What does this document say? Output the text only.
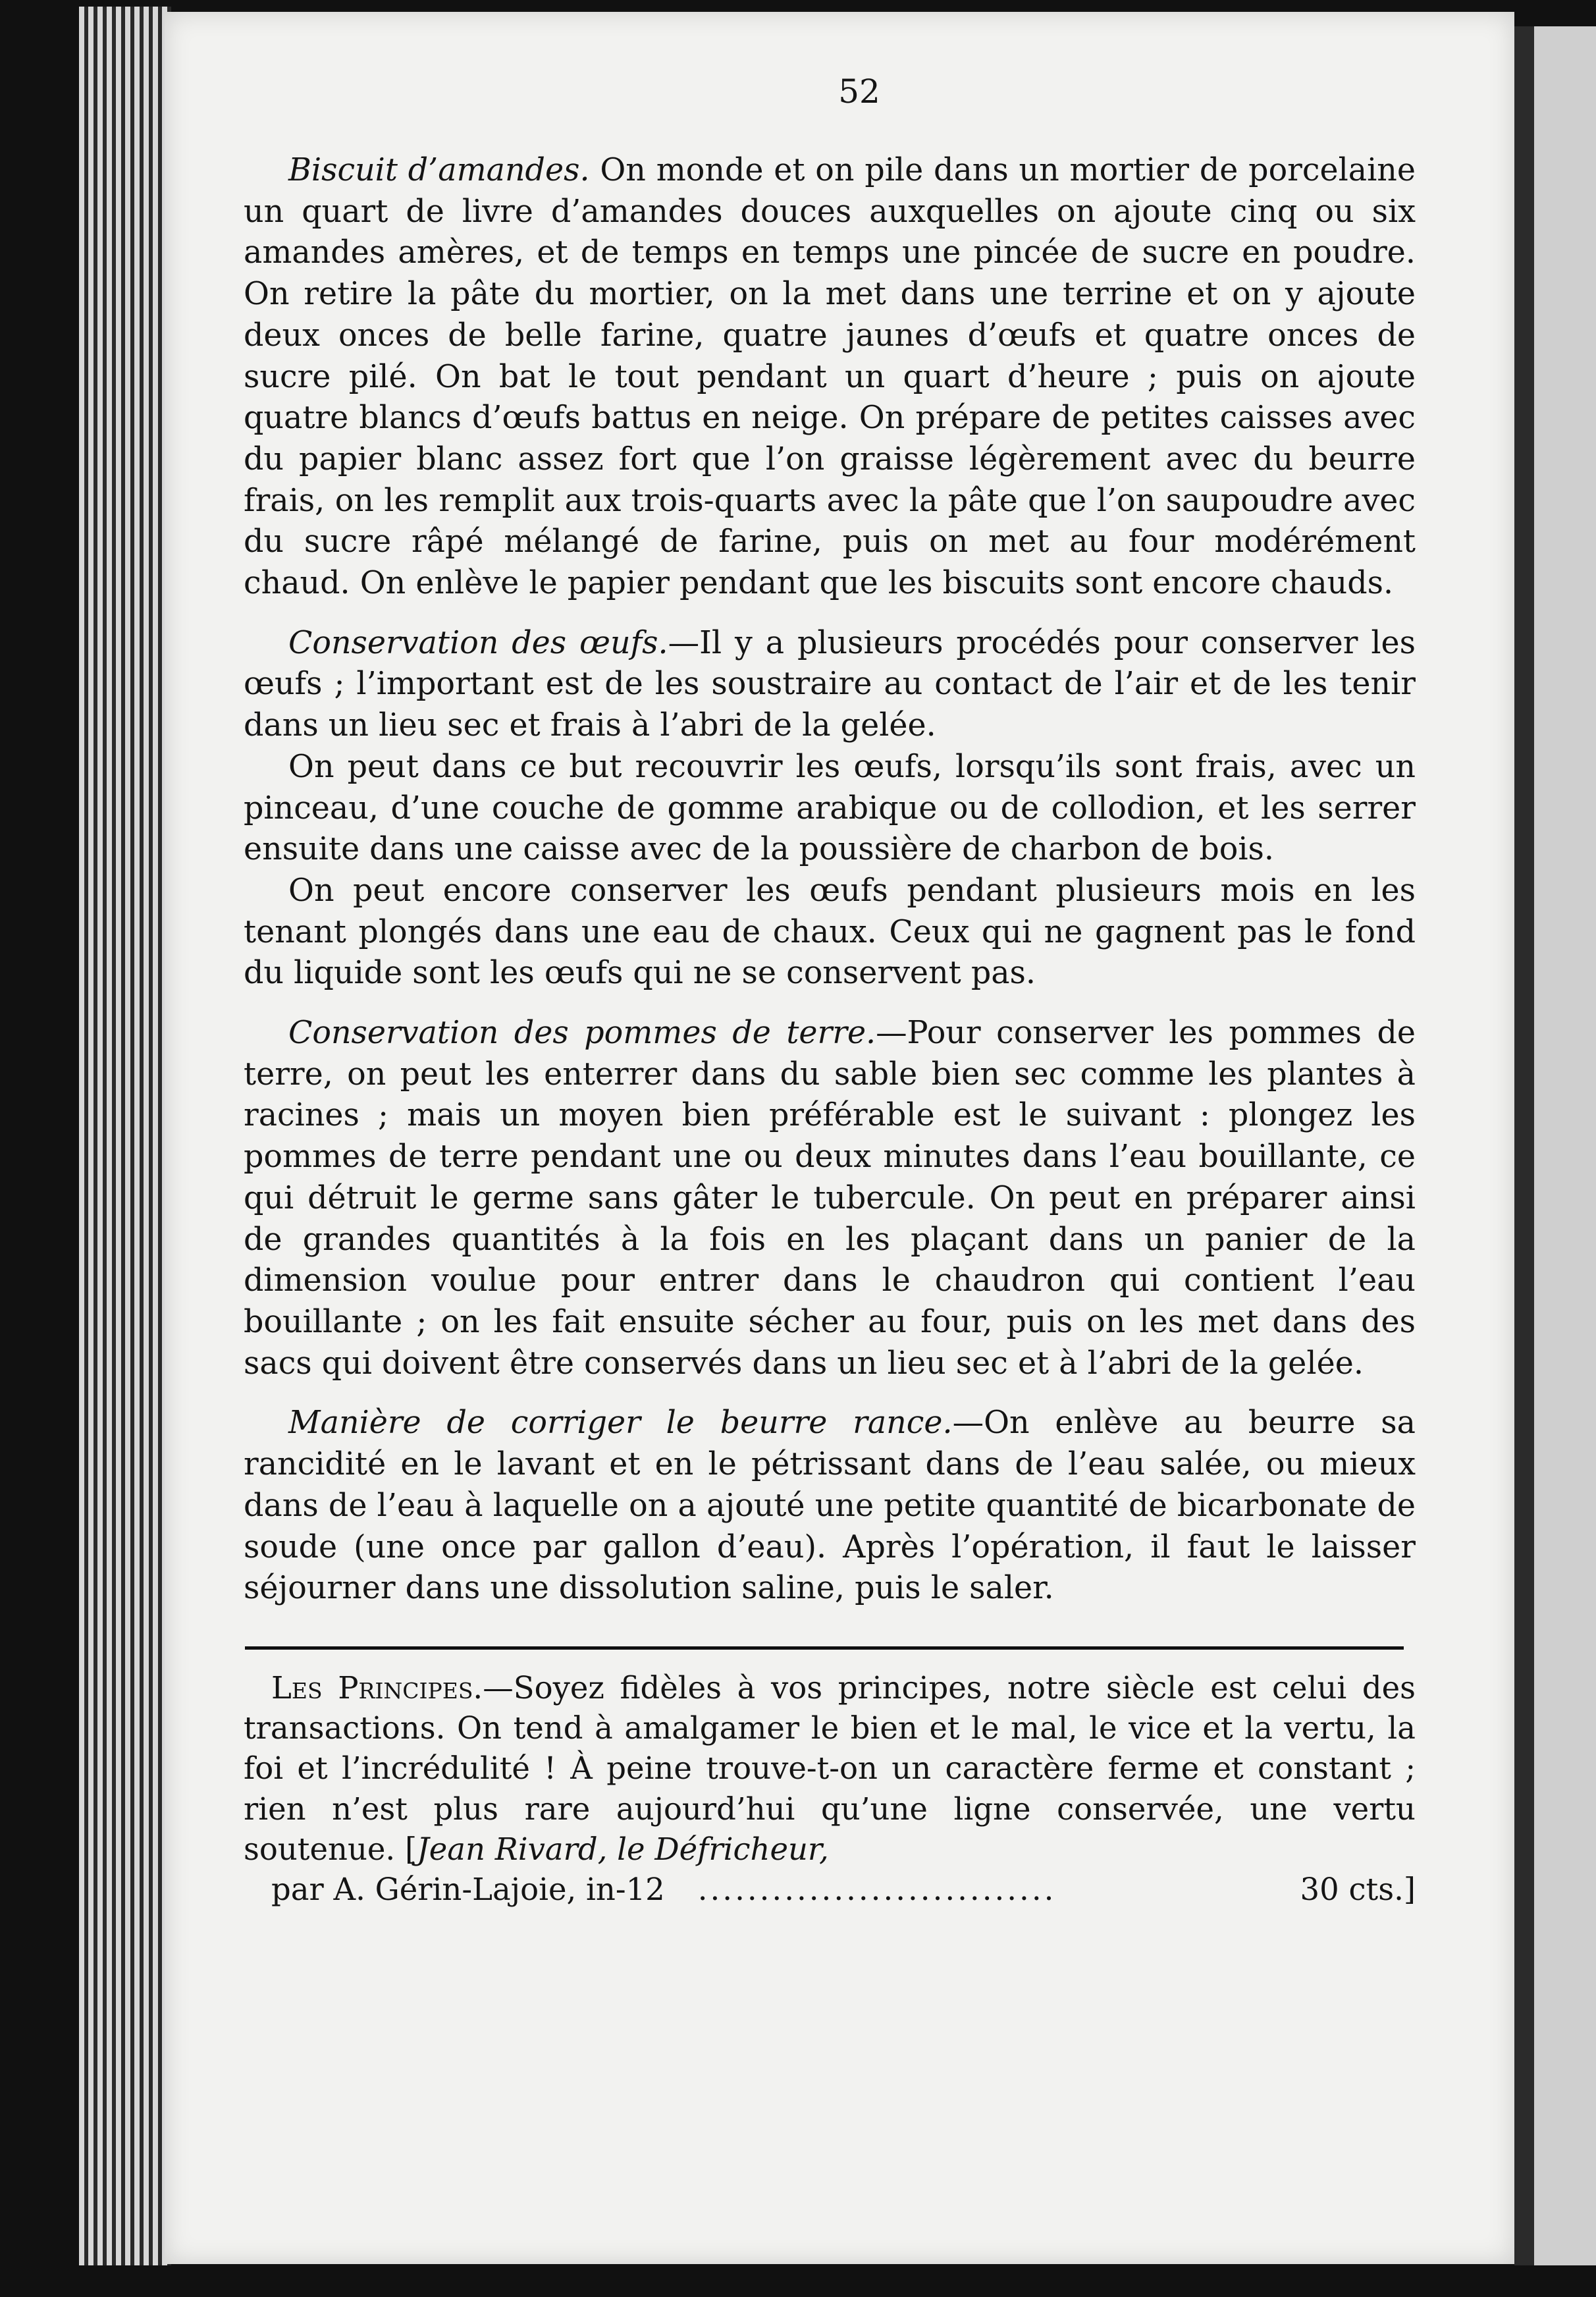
52

Biscuit d’amandes. On monde et on pile dans un mortier de porcelaine un quart de livre d’amandes douces auxquelles on ajoute cinq ou six amandes amères, et de temps en temps une pincée de sucre en poudre. On retire la pâte du mortier, on la met dans une terrine et on y ajoute deux onces de belle farine, quatre jaunes d’œufs et quatre onces de sucre pilé. On bat le tout pendant un quart d’heure ; puis on ajoute quatre blancs d’œufs battus en neige. On prépare de petites caisses avec du papier blanc assez fort que l’on graisse légèrement avec du beurre frais, on les remplit aux trois-quarts avec la pâte que l’on saupoudre avec du sucre râpé mélangé de farine, puis on met au four modérément chaud. On enlève le papier pendant que les biscuits sont encore chauds.

Conservation des œufs.—Il y a plusieurs procédés pour conserver les œufs ; l’important est de les soustraire au contact de l’air et de les tenir dans un lieu sec et frais à l’abri de la gelée.

On peut dans ce but recouvrir les œufs, lorsqu’ils sont frais, avec un pinceau, d’une couche de gomme arabique ou de collodion, et les serrer ensuite dans une caisse avec de la poussière de charbon de bois.

On peut encore conserver les œufs pendant plusieurs mois en les tenant plongés dans une eau de chaux. Ceux qui ne gagnent pas le fond du liquide sont les œufs qui ne se conservent pas.

Conservation des pommes de terre.—Pour conserver les pommes de terre, on peut les enterrer dans du sable bien sec comme les plantes à racines ; mais un moyen bien préférable est le suivant : plongez les pommes de terre pendant une ou deux minutes dans l’eau bouillante, ce qui détruit le germe sans gâter le tubercule. On peut en préparer ainsi de grandes quantités à la fois en les plaçant dans un panier de la dimension voulue pour entrer dans le chaudron qui contient l’eau bouillante ; on les fait ensuite sécher au four, puis on les met dans des sacs qui doivent être conservés dans un lieu sec et à l’abri de la gelée.

Manière de corriger le beurre rance.—On enlève au beurre sa rancidité en le lavant et en le pétrissant dans de l’eau salée, ou mieux dans de l’eau à laquelle on a ajouté une petite quantité de bicarbonate de soude (une once par gallon d’eau). Après l’opération, il faut le laisser séjourner dans une dissolution saline, puis le saler.

Les Principes.—Soyez fidèles à vos principes, notre siècle est celui des transactions. On tend à amalgamer le bien et le mal, le vice et la vertu, la foi et l’incrédulité ! À peine trouve-t-on un caractère ferme et constant ; rien n’est plus rare aujourd’hui qu’une ligne conservée, une vertu soutenue. [Jean Rivard, le Défricheur,
par A. Gérin-Lajoie, in-12	.............................	30 cts.]
